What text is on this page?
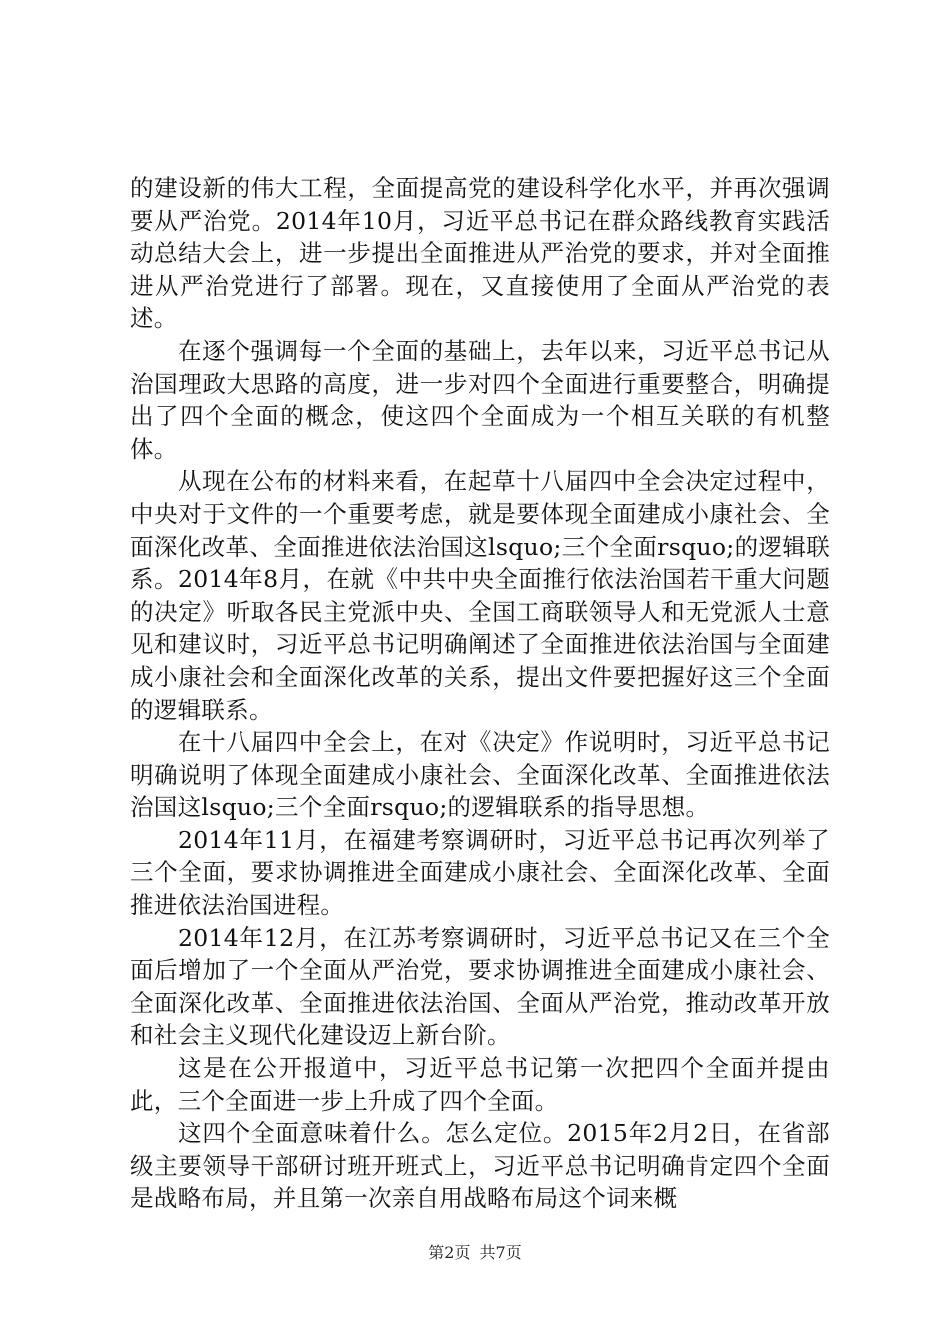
的建设新的伟大工程，全面提高党的建设科学化水平，并再次强调要从严治党。2014年10月，习近平总书记在群众路线教育实践活动总结大会上，进一步提出全面推进从严治党的要求，并对全面推进从严治党进行了部署。现在，又直接使用了全面从严治党的表述。

在逐个强调每一个全面的基础上，去年以来，习近平总书记从治国理政大思路的高度，进一步对四个全面进行重要整合，明确提出了四个全面的概念，使这四个全面成为一个相互关联的有机整体。

从现在公布的材料来看，在起草十八届四中全会决定过程中，中央对于文件的一个重要考虑，就是要体现全面建成小康社会、全面深化改革、全面推进依法治国这lsquo;三个全面rsquo;的逻辑联系。2014年8月，在就《中共中央全面推行依法治国若干重大问题的决定》听取各民主党派中央、全国工商联领导人和无党派人士意见和建议时，习近平总书记明确阐述了全面推进依法治国与全面建成小康社会和全面深化改革的关系，提出文件要把握好这三个全面的逻辑联系。

在十八届四中全会上，在对《决定》作说明时，习近平总书记明确说明了体现全面建成小康社会、全面深化改革、全面推进依法治国这lsquo;三个全面rsquo;的逻辑联系的指导思想。

2014年11月，在福建考察调研时，习近平总书记再次列举了三个全面，要求协调推进全面建成小康社会、全面深化改革、全面推进依法治国进程。

2014年12月，在江苏考察调研时，习近平总书记又在三个全面后增加了一个全面从严治党，要求协调推进全面建成小康社会、全面深化改革、全面推进依法治国、全面从严治党，推动改革开放和社会主义现代化建设迈上新台阶。

这是在公开报道中，习近平总书记第一次把四个全面并提由此，三个全面进一步上升成了四个全面。

这四个全面意味着什么。怎么定位。2015年2月2日，在省部级主要领导干部研讨班开班式上，习近平总书记明确肯定四个全面是战略布局，并且第一次亲自用战略布局这个词来概

第2页 共7页
